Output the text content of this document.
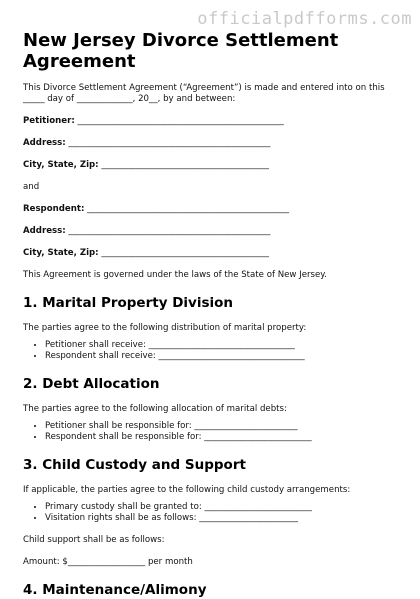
officialpdfforms.com
New Jersey Divorce Settlement Agreement
This Divorce Settlement Agreement (“Agreement”) is made and entered into on this _____ day of _____________, 20__, by and between:
Petitioner: ________________________________________________
Address: _______________________________________________
City, State, Zip: _______________________________________
and
Respondent: _______________________________________________
Address: _______________________________________________
City, State, Zip: _______________________________________
This Agreement is governed under the laws of the State of New Jersey.
1. Marital Property Division
The parties agree to the following distribution of marital property:
• Petitioner shall receive: __________________________________
• Respondent shall receive: __________________________________
2. Debt Allocation
The parties agree to the following allocation of marital debts:
• Petitioner shall be responsible for: ________________________
• Respondent shall be responsible for: _________________________
3. Child Custody and Support
If applicable, the parties agree to the following child custody arrangements:
• Primary custody shall be granted to: _________________________
• Visitation rights shall be as follows: _______________________
Child support shall be as follows:
Amount: $__________________ per month
4. Maintenance/Alimony
